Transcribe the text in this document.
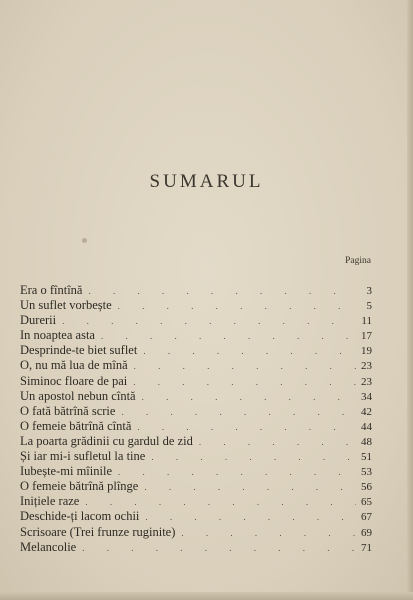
SUMARUL
Pagina
Era o fîntînă . . .	3
Un suflet vorbește . . .	5
Durerii . . .	11
In noaptea asta . . .	17
Desprinde-te biet suflet . . .	19
O, nu mă lua de mînă . . .	23
Siminoc floare de pai . . .	23
Un apostol nebun cîntă . . .	34
O fată bătrînă scrie . . .	42
O femeie bătrînă cîntă . . .	44
La poarta grădinii cu gardul de zid . . .	48
Și iar mi-i sufletul la tine . . .	51
Iubește-mi mîinile . . .	53
O femeie bătrînă plînge . . .	56
Inițiele raze . . .	65
Deschide-ți lacom ochii . . .	67
Scrisoare (Trei frunze ruginite) . . .	69
Melancolie . . .	71
